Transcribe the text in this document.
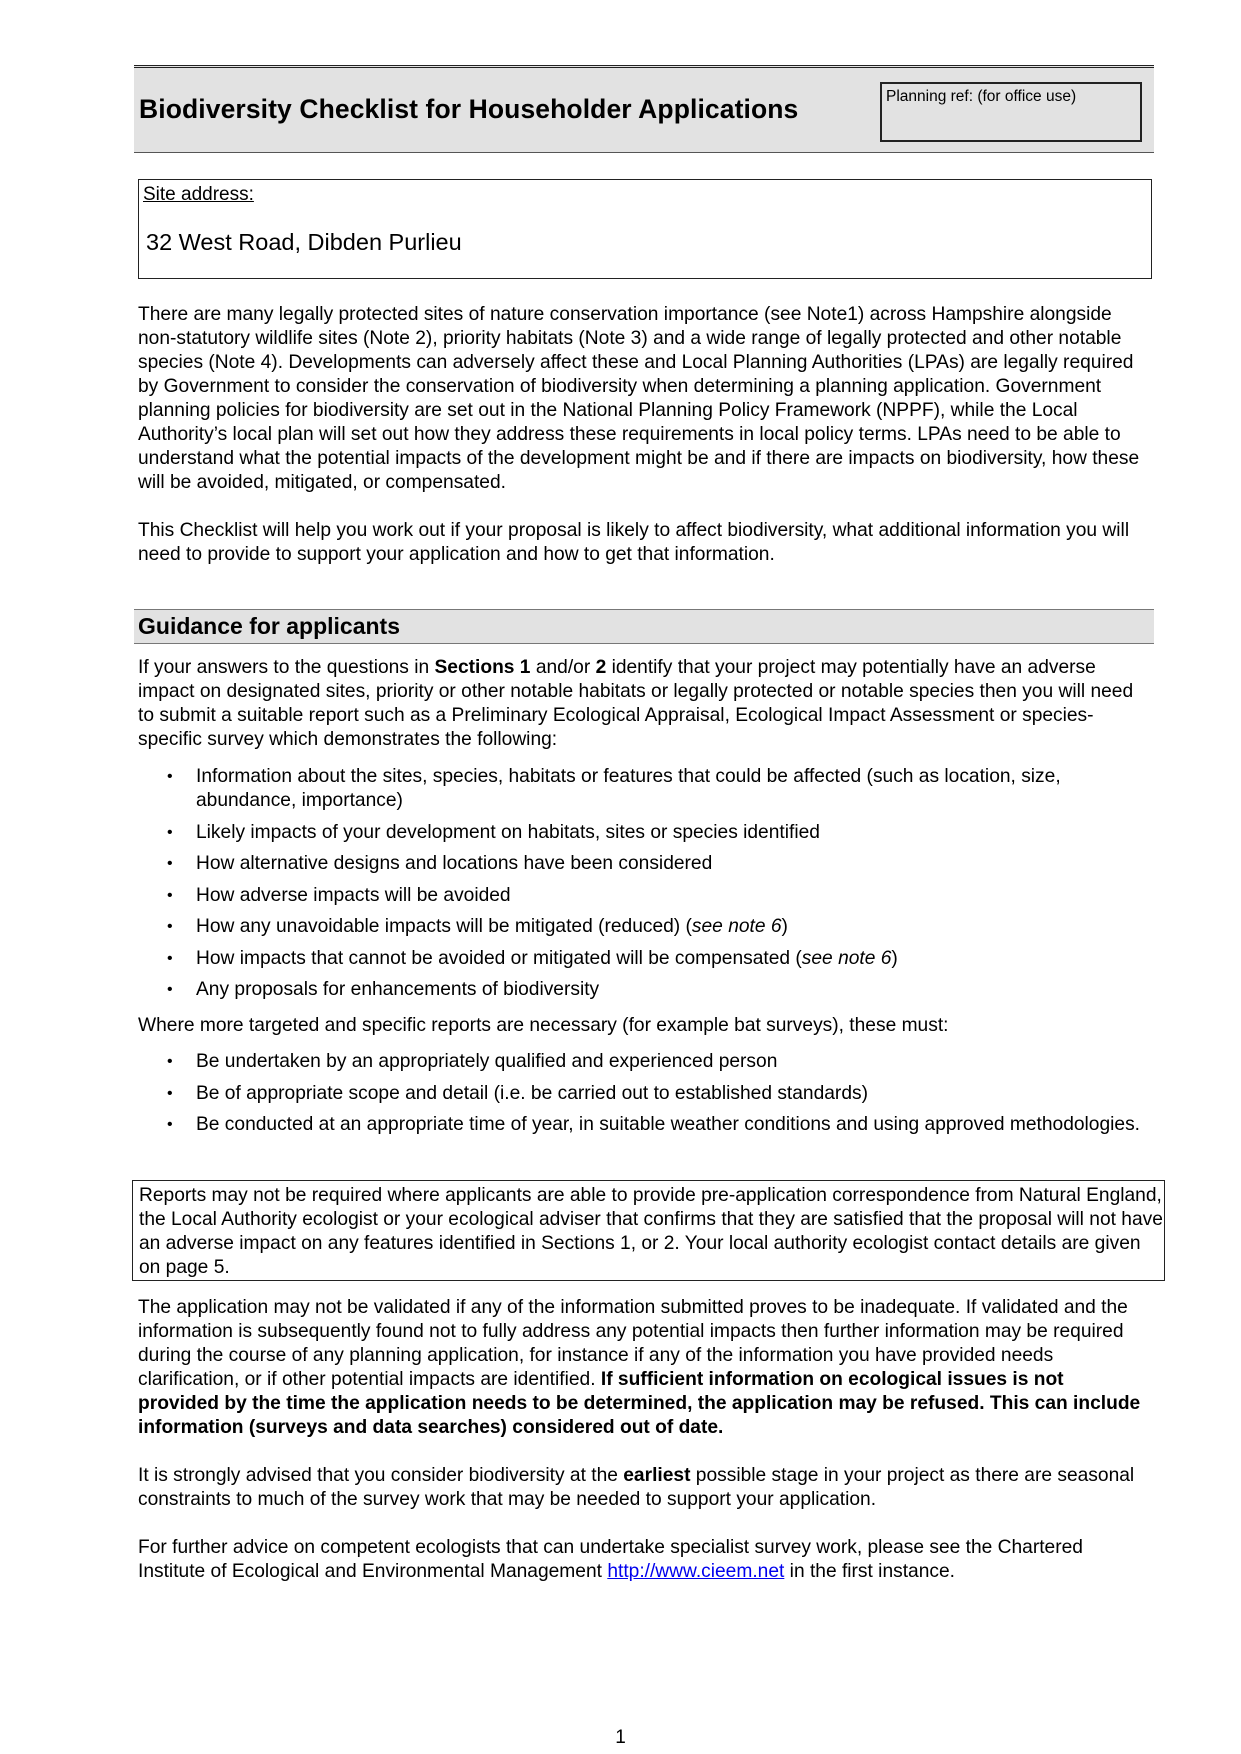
Biodiversity Checklist for Householder Applications	Planning ref: (for office use)
Site address:
32 West Road, Dibden Purlieu
There are many legally protected sites of nature conservation importance (see Note1) across Hampshire alongside non-statutory wildlife sites (Note 2), priority habitats (Note 3) and a wide range of legally protected and other notable species (Note 4). Developments can adversely affect these and Local Planning Authorities (LPAs) are legally required by Government to consider the conservation of biodiversity when determining a planning application. Government planning policies for biodiversity are set out in the National Planning Policy Framework (NPPF), while the Local Authority’s local plan will set out how they address these requirements in local policy terms. LPAs need to be able to understand what the potential impacts of the development might be and if there are impacts on biodiversity, how these will be avoided, mitigated, or compensated.
This Checklist will help you work out if your proposal is likely to affect biodiversity, what additional information you will need to provide to support your application and how to get that information.
Guidance for applicants
If your answers to the questions in Sections 1 and/or 2 identify that your project may potentially have an adverse impact on designated sites, priority or other notable habitats or legally protected or notable species then you will need to submit a suitable report such as a Preliminary Ecological Appraisal, Ecological Impact Assessment or species-specific survey which demonstrates the following:
• Information about the sites, species, habitats or features that could be affected (such as location, size, abundance, importance)
• Likely impacts of your development on habitats, sites or species identified
• How alternative designs and locations have been considered
• How adverse impacts will be avoided
• How any unavoidable impacts will be mitigated (reduced) (see note 6)
• How impacts that cannot be avoided or mitigated will be compensated (see note 6)
• Any proposals for enhancements of biodiversity
Where more targeted and specific reports are necessary (for example bat surveys), these must:
• Be undertaken by an appropriately qualified and experienced person
• Be of appropriate scope and detail (i.e. be carried out to established standards)
• Be conducted at an appropriate time of year, in suitable weather conditions and using approved methodologies.
Reports may not be required where applicants are able to provide pre-application correspondence from Natural England, the Local Authority ecologist or your ecological adviser that confirms that they are satisfied that the proposal will not have an adverse impact on any features identified in Sections 1, or 2. Your local authority ecologist contact details are given on page 5.
The application may not be validated if any of the information submitted proves to be inadequate. If validated and the information is subsequently found not to fully address any potential impacts then further information may be required during the course of any planning application, for instance if any of the information you have provided needs clarification, or if other potential impacts are identified. If sufficient information on ecological issues is not provided by the time the application needs to be determined, the application may be refused. This can include information (surveys and data searches) considered out of date.
It is strongly advised that you consider biodiversity at the earliest possible stage in your project as there are seasonal constraints to much of the survey work that may be needed to support your application.
For further advice on competent ecologists that can undertake specialist survey work, please see the Chartered Institute of Ecological and Environmental Management http://www.cieem.net in the first instance.
1
